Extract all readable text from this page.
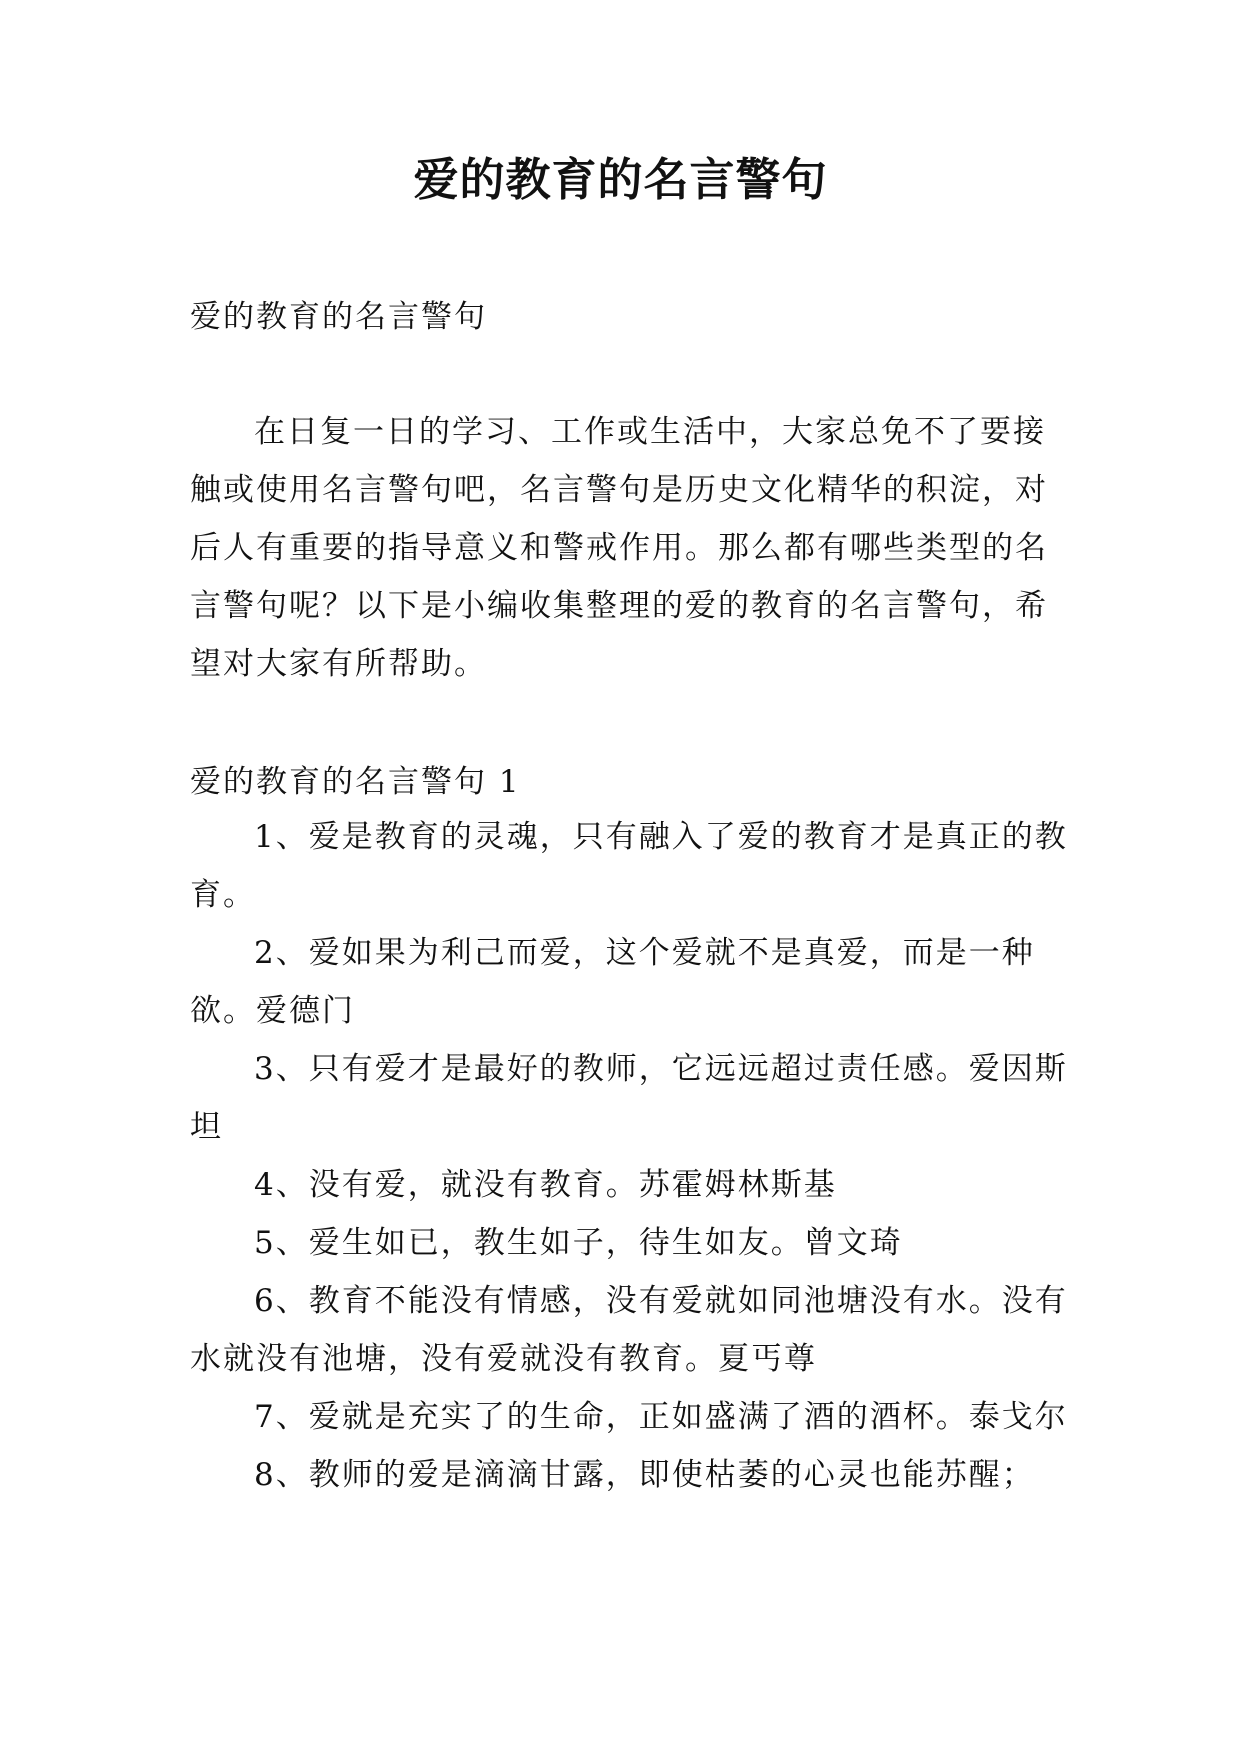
爱的教育的名言警句

爱的教育的名言警句

在日复一日的学习、工作或生活中，大家总免不了要接触或使用名言警句吧，名言警句是历史文化精华的积淀，对后人有重要的指导意义和警戒作用。那么都有哪些类型的名言警句呢？以下是小编收集整理的爱的教育的名言警句，希望对大家有所帮助。

爱的教育的名言警句 1

1、爱是教育的灵魂，只有融入了爱的教育才是真正的教育。

2、爱如果为利己而爱，这个爱就不是真爱，而是一种欲。爱德门

3、只有爱才是最好的教师，它远远超过责任感。爱因斯坦

4、没有爱，就没有教育。苏霍姆林斯基

5、爱生如已，教生如子，待生如友。曾文琦

6、教育不能没有情感，没有爱就如同池塘没有水。没有水就没有池塘，没有爱就没有教育。夏丐尊

7、爱就是充实了的生命，正如盛满了酒的酒杯。泰戈尔

8、教师的爱是滴滴甘露，即使枯萎的心灵也能苏醒；
